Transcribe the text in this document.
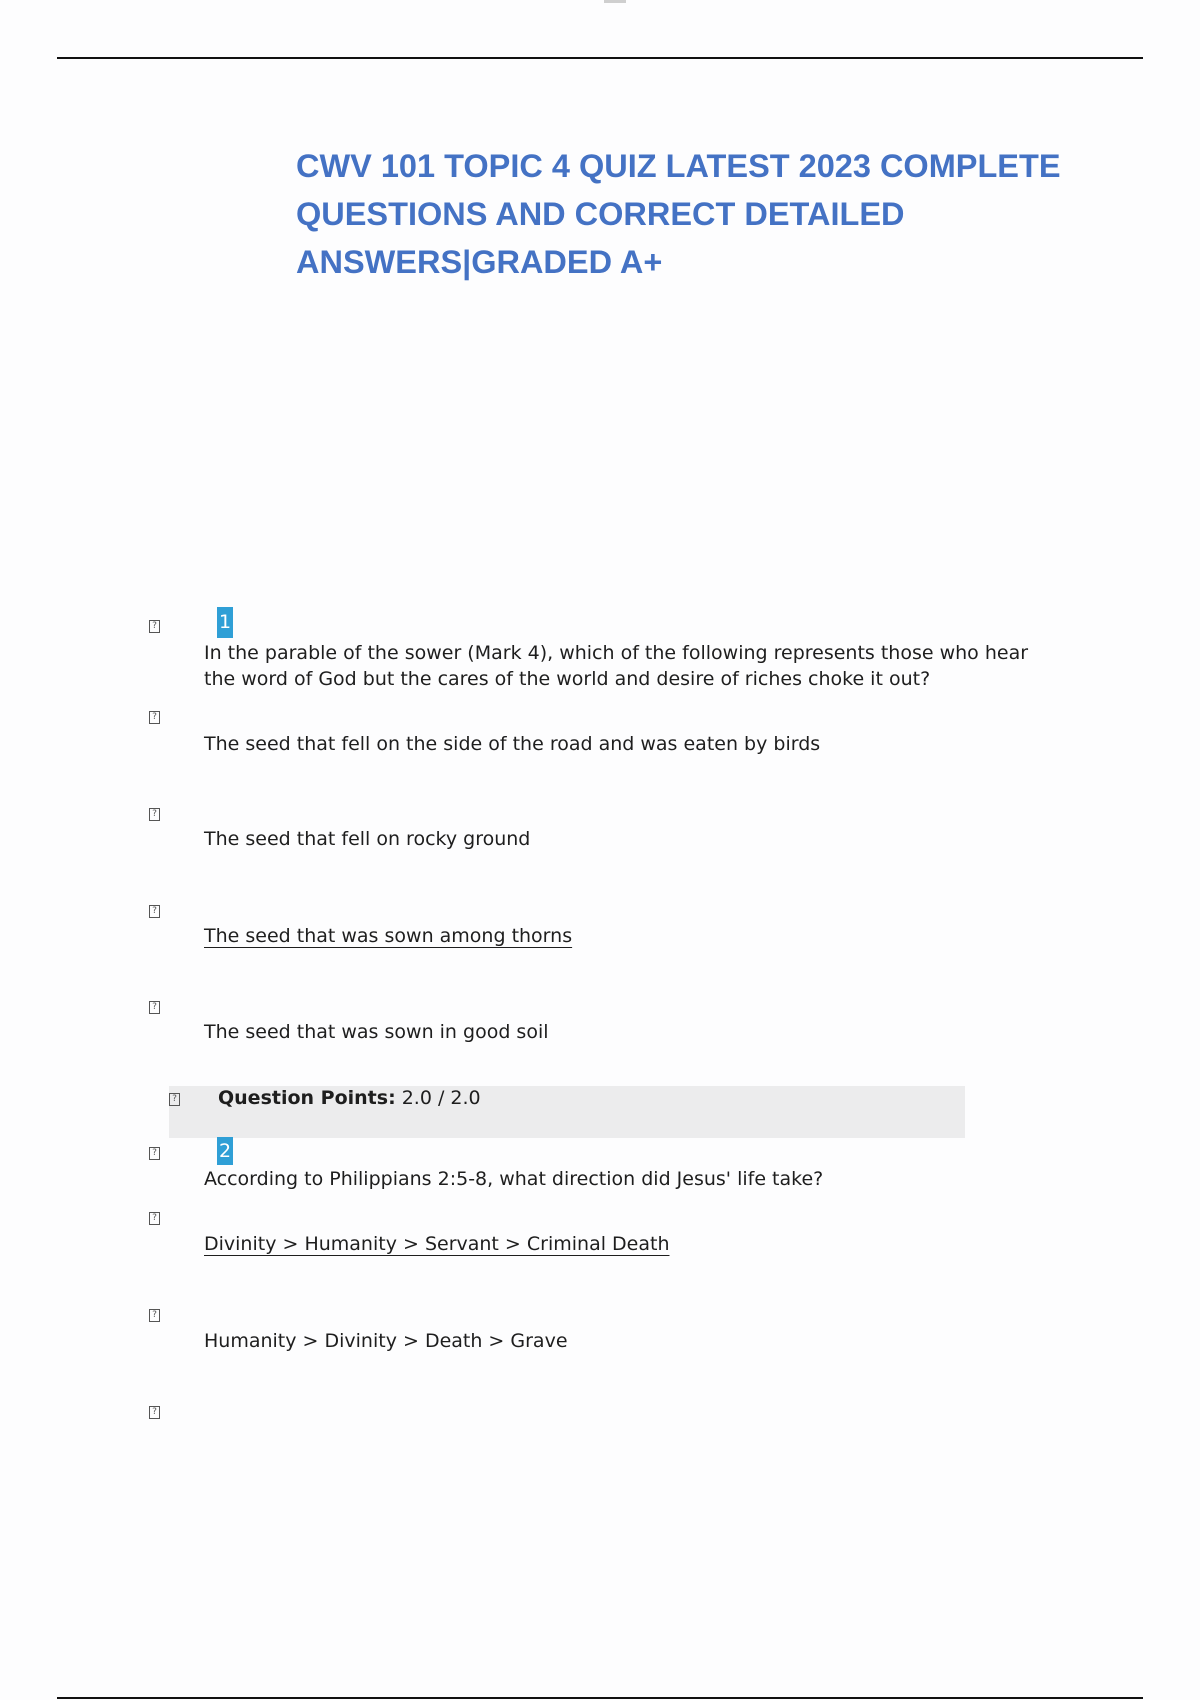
CWV 101 TOPIC 4 QUIZ LATEST 2023 COMPLETE
QUESTIONS AND CORRECT DETAILED
ANSWERS|GRADED A+
?	1
In the parable of the sower (Mark 4), which of the following represents those who hear
the word of God but the cares of the world and desire of riches choke it out?
?
The seed that fell on the side of the road and was eaten by birds
?
The seed that fell on rocky ground
?
The seed that was sown among thorns
?
The seed that was sown in good soil
? Question Points: 2.0 / 2.0
?	2
According to Philippians 2:5-8, what direction did Jesus' life take?
?
Divinity > Humanity > Servant > Criminal Death
?
Humanity > Divinity > Death > Grave
?
